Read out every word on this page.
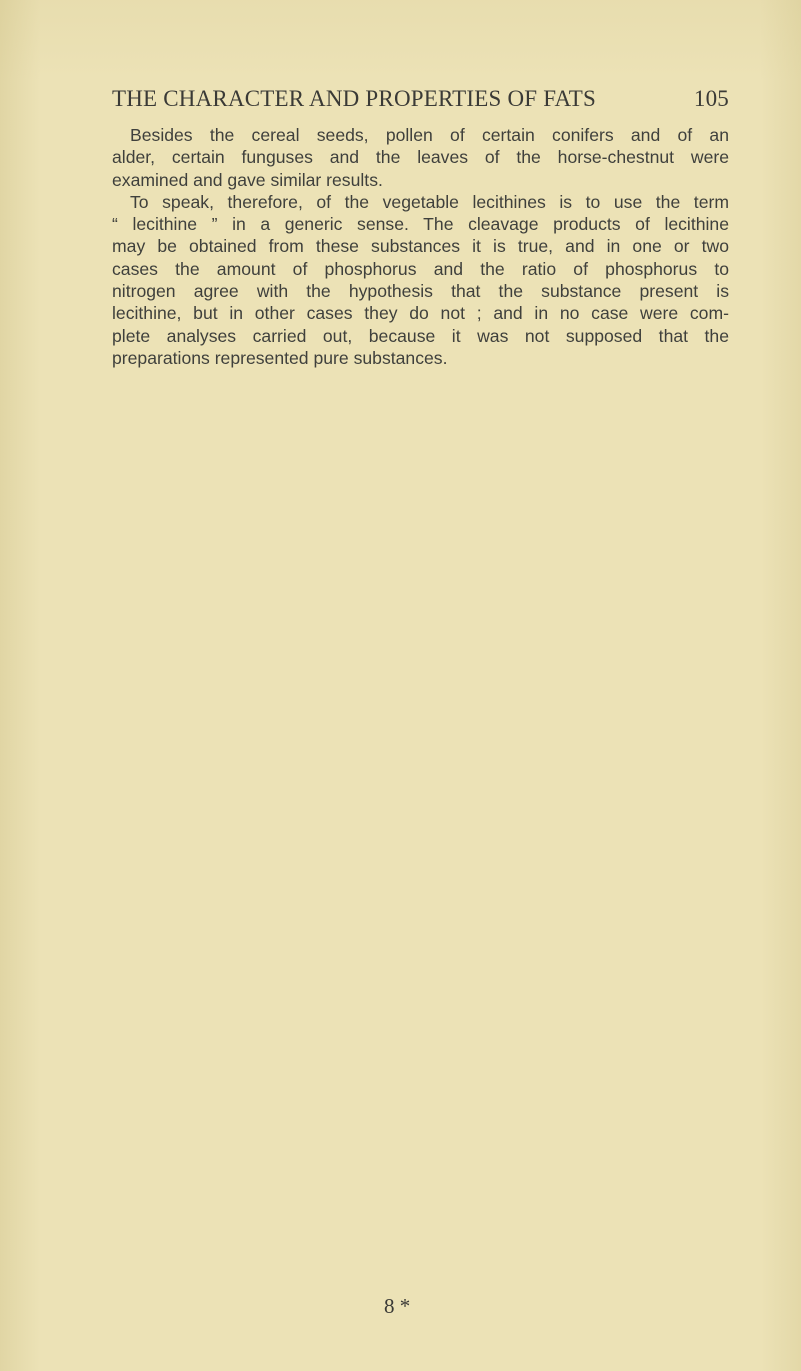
THE CHARACTER AND PROPERTIES OF FATS	105
Besides the cereal seeds, pollen of certain conifers and of an
alder, certain funguses and the leaves of the horse-chestnut were
examined and gave similar results.
To speak, therefore, of the vegetable lecithines is to use the term
“ lecithine ” in a generic sense. The cleavage products of lecithine
may be obtained from these substances it is true, and in one or two
cases the amount of phosphorus and the ratio of phosphorus to
nitrogen agree with the hypothesis that the substance present is
lecithine, but in other cases they do not ; and in no case were com-
plete analyses carried out, because it was not supposed that the
preparations represented pure substances.
8 *
